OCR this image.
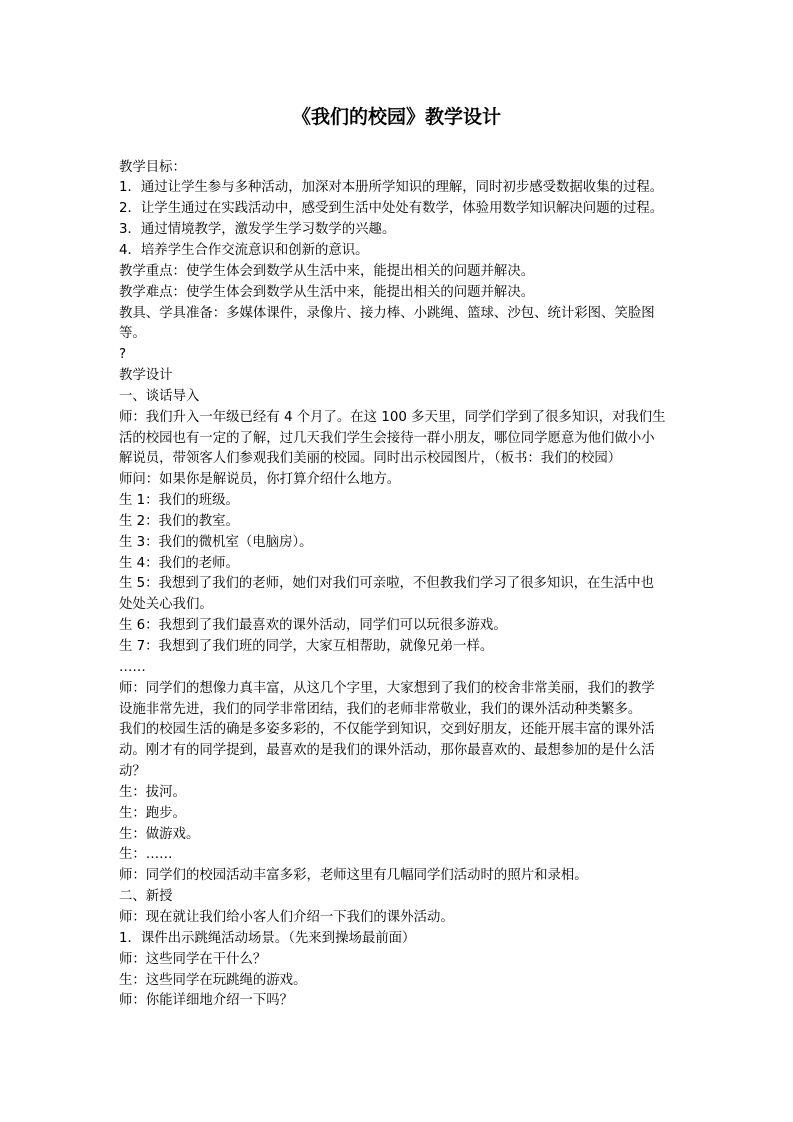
《我们的校园》教学设计
教学目标：
1．通过让学生参与多种活动，加深对本册所学知识的理解，同时初步感受数据收集的过程。
2．让学生通过在实践活动中，感受到生活中处处有数学，体验用数学知识解决问题的过程。
3．通过情境教学，激发学生学习数学的兴趣。
4．培养学生合作交流意识和创新的意识。
教学重点：使学生体会到数学从生活中来，能提出相关的问题并解决。
教学难点：使学生体会到数学从生活中来，能提出相关的问题并解决。
教具、学具准备：多媒体课件，录像片、接力棒、小跳绳、篮球、沙包、统计彩图、笑脸图
等。
?
教学设计
一、谈话导入
师：我们升入一年级已经有 4 个月了。在这 100 多天里，同学们学到了很多知识，对我们生
活的校园也有一定的了解，过几天我们学生会接待一群小朋友，哪位同学愿意为他们做小小
解说员，带领客人们参观我们美丽的校园。同时出示校园图片，（板书：我们的校园）
师问：如果你是解说员，你打算介绍什么地方。
生 1：我们的班级。
生 2：我们的教室。
生 3：我们的微机室（电脑房）。
生 4：我们的老师。
生 5：我想到了我们的老师，她们对我们可亲啦，不但教我们学习了很多知识，在生活中也
处处关心我们。
生 6：我想到了我们最喜欢的课外活动，同学们可以玩很多游戏。
生 7：我想到了我们班的同学，大家互相帮助，就像兄弟一样。
……
师：同学们的想像力真丰富，从这几个字里，大家想到了我们的校舍非常美丽，我们的教学
设施非常先进，我们的同学非常团结，我们的老师非常敬业，我们的课外活动种类繁多。
我们的校园生活的确是多姿多彩的，不仅能学到知识，交到好朋友，还能开展丰富的课外活
动。刚才有的同学提到，最喜欢的是我们的课外活动，那你最喜欢的、最想参加的是什么活
动？
生：拔河。
生：跑步。
生：做游戏。
生：……
师：同学们的校园活动丰富多彩，老师这里有几幅同学们活动时的照片和录相。
二、新授
师：现在就让我们给小客人们介绍一下我们的课外活动。
1．课件出示跳绳活动场景。（先来到操场最前面）
师：这些同学在干什么？
生：这些同学在玩跳绳的游戏。
师：你能详细地介绍一下吗？
